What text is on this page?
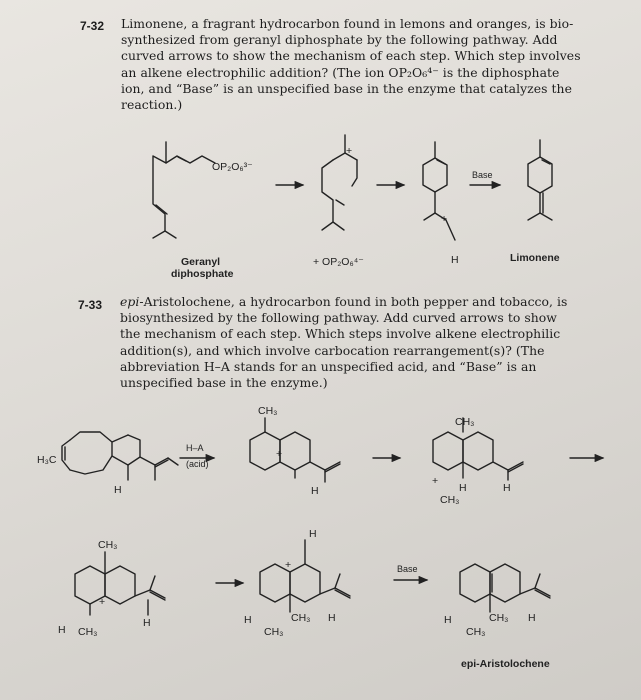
7-32 Limonene, a fragrant hydrocarbon found in lemons and oranges, is bio-
synthesized from geranyl diphosphate by the following pathway. Add
curved arrows to show the mechanism of each step. Which step involves
an alkene electrophilic addition? (The ion OP₂O₆⁴⁻ is the diphosphate
ion, and “Base” is an unspecified base in the enzyme that catalyzes the
reaction.)
7-33 epi-Aristolochene, a hydrocarbon found in both pepper and tobacco, is
biosynthesized by the following pathway. Add curved arrows to show
the mechanism of each step. Which steps involve alkene electrophilic
addition(s), and which involve carbocation rearrangement(s)? (The
abbreviation H–A stands for an unspecified acid, and “Base” is an
unspecified base in the enzyme.)
OP₂O₆³⁻
Geranyl
diphosphate
+
+ OP₂O₆⁴⁻
+
H
Base
Limonene
H₃C
H
H–A
(acid)
CH₃
+
H
CH₃
+
H	H
CH₃
CH₃
+
H
H
CH₃
H
+
H	CH₃ H
CH₃
Base
H	CH₃ H
CH₃
epi-Aristolochene
